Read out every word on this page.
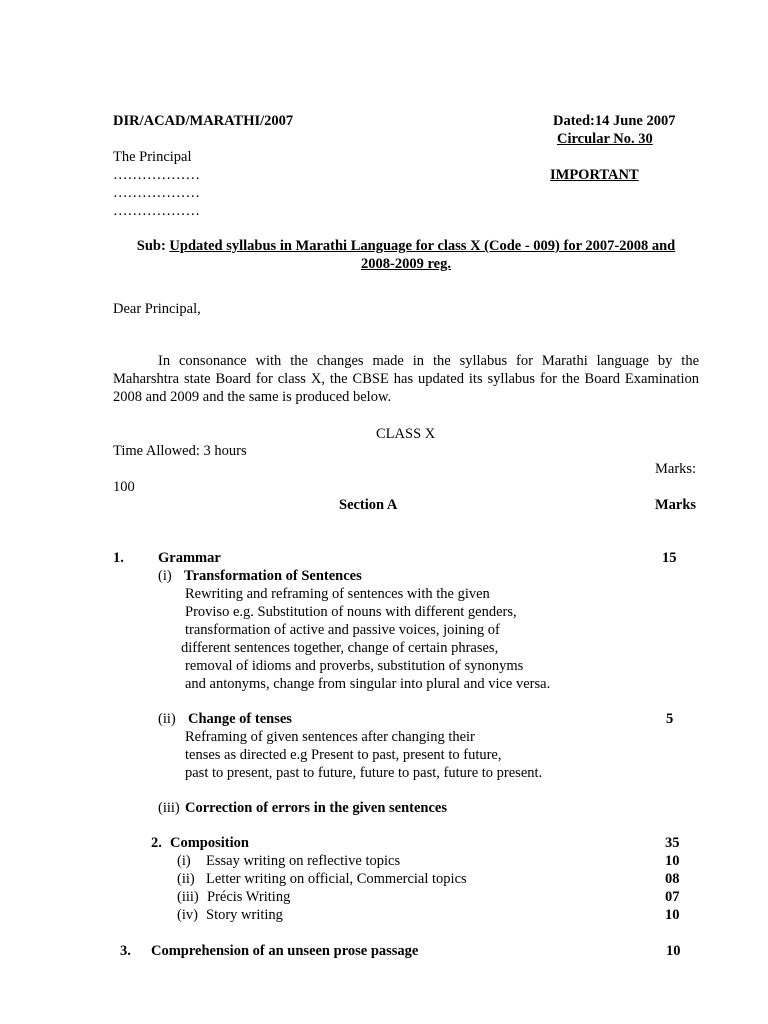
DIR/ACAD/MARATHI/2007	Dated:14 June 2007
Circular No. 30
IMPORTANT
The Principal
………………
………………
………………
Sub: Updated syllabus in Marathi Language for class X (Code - 009) for 2007-2008 and
2008-2009 reg.
Dear Principal,
In consonance with the changes made in the syllabus for Marathi language by the Maharshtra state Board for class X, the CBSE has updated its syllabus for the Board Examination 2008 and 2009 and the same is produced below.
CLASS X
Time Allowed: 3 hours
Marks:
100
Section A	Marks
1. Grammar	15
(i) Transformation of Sentences
Rewriting and reframing of sentences with the given
Proviso e.g. Substitution of nouns with different genders,
transformation of active and passive voices, joining of
different sentences together, change of certain phrases,
removal of idioms and proverbs, substitution of synonyms
and antonyms, change from singular into plural and vice versa.
(ii) Change of tenses	5
Reframing of given sentences after changing their
tenses as directed e.g Present to past, present to future,
past to present, past to future, future to past, future to present.
(iii) Correction of errors in the given sentences
2. Composition	35
(i) Essay writing on reflective topics	10
(ii) Letter writing on official, Commercial topics	08
(iii) Précis Writing	07
(iv) Story writing	10
3. Comprehension of an unseen prose passage	10
